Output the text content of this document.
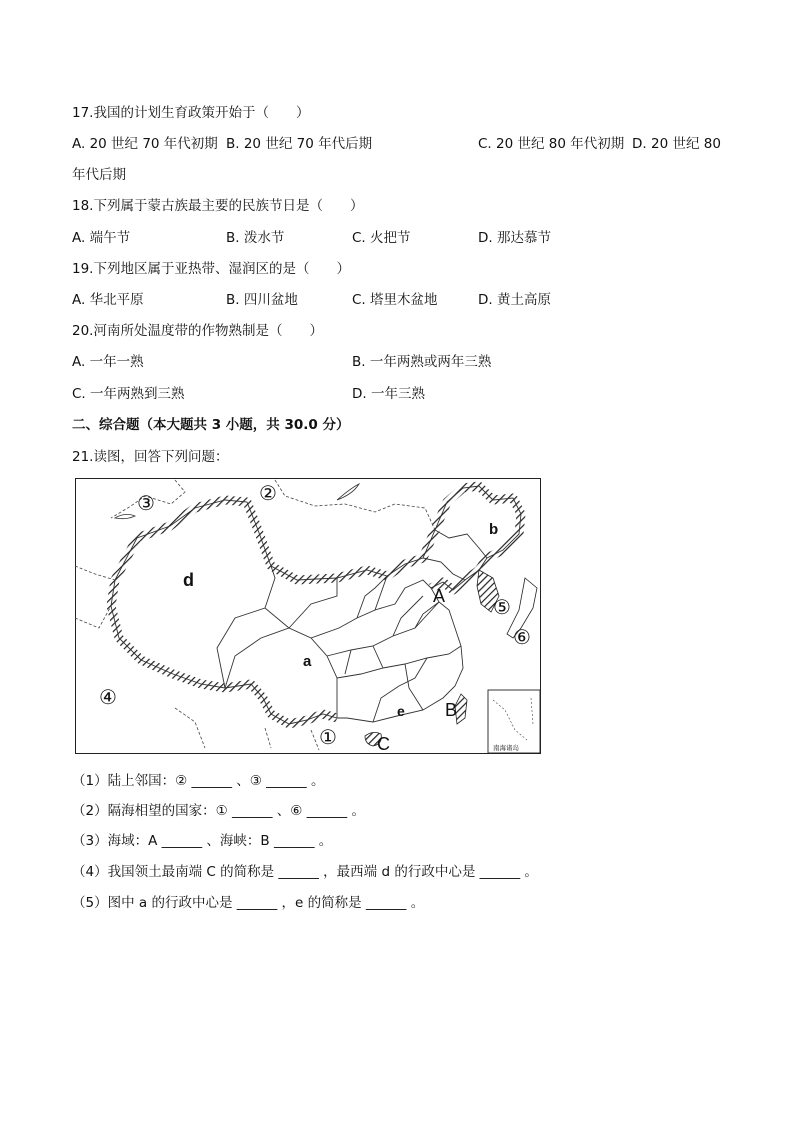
17.我国的计划生育政策开始于（　　）
A. 20 世纪 70 年代初期 B. 20 世纪 70 年代后期	C. 20 世纪 80 年代初期 D. 20 世纪 80
年代后期
18.下列属于蒙古族最主要的民族节日是（　　）
A. 端午节	B. 泼水节	C. 火把节	D. 那达慕节
19.下列地区属于亚热带、湿润区的是（　　）
A. 华北平原	B. 四川盆地	C. 塔里木盆地	D. 黄土高原
20.河南所处温度带的作物熟制是（　　）
A. 一年一熟	B. 一年两熟或两年三熟
C. 一年两熟到三熟	D. 一年三熟
二、综合题（本大题共 3 小题，共 30.0 分）
21.读图，回答下列问题：
南海诸岛
③	②
④
⑤
⑥
①
d
a
b
A
B
C
e
（1）陆上邻国：② ______ 、③ ______ 。
（2）隔海相望的国家：① ______ 、⑥ ______ 。
（3）海域：A ______ 、海峡：B ______ 。
（4）我国领土最南端 C 的简称是 ______ ，最西端 d 的行政中心是 ______ 。
（5）图中 a 的行政中心是 ______ ，e 的简称是 ______ 。
